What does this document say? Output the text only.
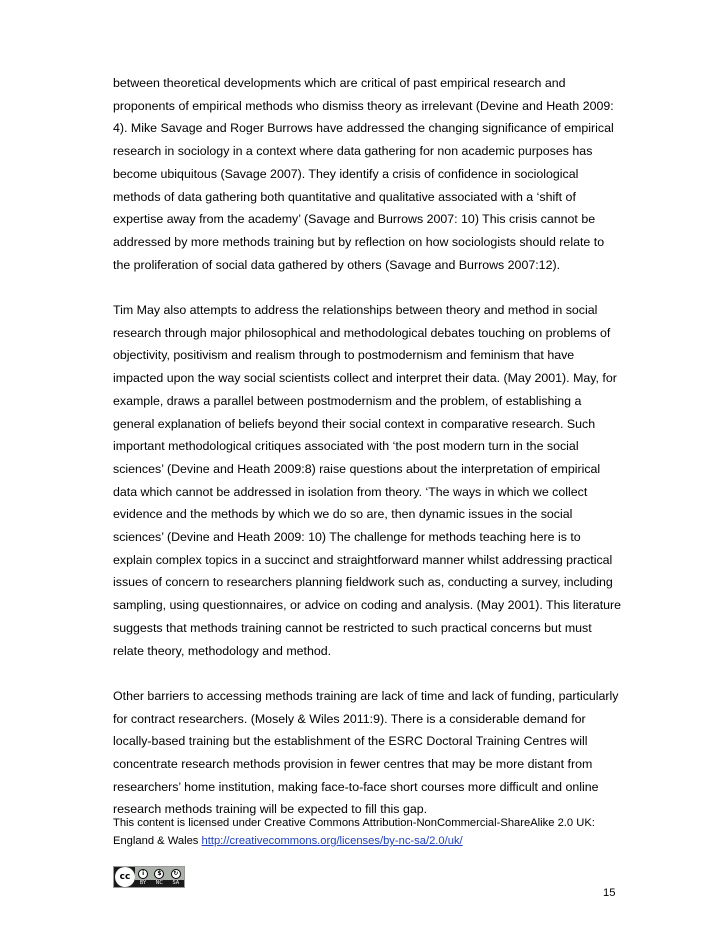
between theoretical developments which are critical of past empirical research and
proponents of empirical methods who dismiss theory as irrelevant (Devine and Heath 2009:
4). Mike Savage and Roger Burrows have addressed the changing significance of empirical
research in sociology in a context where data gathering for non academic purposes has
become ubiquitous (Savage 2007). They identify a crisis of confidence in sociological
methods of data gathering both quantitative and qualitative associated with a ‘shift of
expertise away from the academy’ (Savage and Burrows 2007: 10) This crisis cannot be
addressed by more methods training but by reflection on how sociologists should relate to
the proliferation of social data gathered by others (Savage and Burrows 2007:12).
Tim May also attempts to address the relationships between theory and method in social
research through major philosophical and methodological debates touching on problems of
objectivity, positivism and realism through to postmodernism and feminism that have
impacted upon the way social scientists collect and interpret their data. (May 2001). May, for
example, draws a parallel between postmodernism and the problem, of establishing a
general explanation of beliefs beyond their social context in comparative research. Such
important methodological critiques associated with ‘the post modern turn in the social
sciences’ (Devine and Heath 2009:8) raise questions about the interpretation of empirical
data which cannot be addressed in isolation from theory. ‘The ways in which we collect
evidence and the methods by which we do so are, then dynamic issues in the social
sciences’ (Devine and Heath 2009: 10) The challenge for methods teaching here is to
explain complex topics in a succinct and straightforward manner whilst addressing practical
issues of concern to researchers planning fieldwork such as, conducting a survey, including
sampling, using questionnaires, or advice on coding and analysis. (May 2001). This literature
suggests that methods training cannot be restricted to such practical concerns but must
relate theory, methodology and method.
Other barriers to accessing methods training are lack of time and lack of funding, particularly
for contract researchers. (Mosely & Wiles 2011:9). There is a considerable demand for
locally-based training but the establishment of the ESRC Doctoral Training Centres will
concentrate research methods provision in fewer centres that may be more distant from
researchers’ home institution, making face-to-face short courses more difficult and online
research methods training will be expected to fill this gap.
This content is licensed under Creative Commons Attribution-NonCommercial-ShareAlike 2.0 UK:
England & Wales http://creativecommons.org/licenses/by-nc-sa/2.0/uk/
cc	i	$	↻
BY NC SA
15
